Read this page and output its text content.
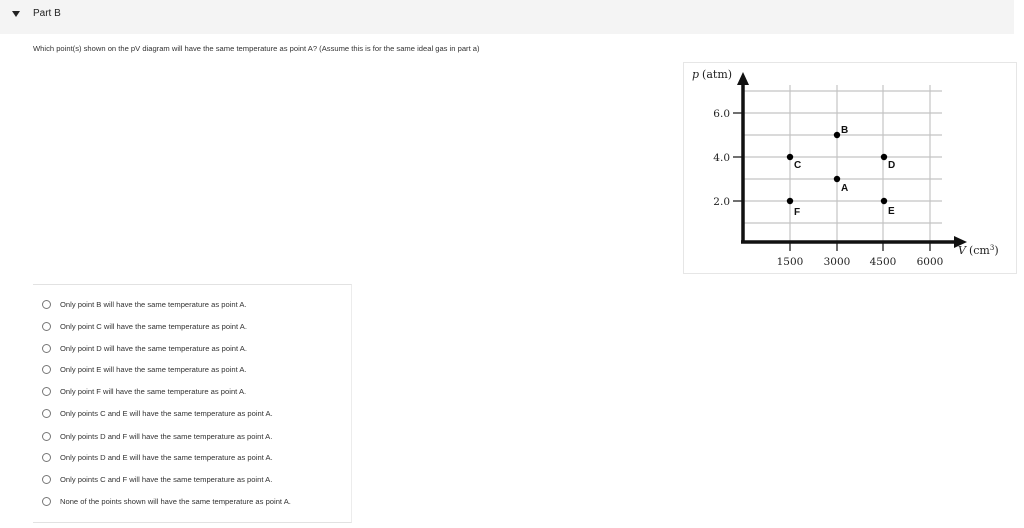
Part B
Which point(s) shown on the pV diagram will have the same temperature as point A? (Assume this is for the same ideal gas in part a)
p (atm)
V $(cm^3)$
6.0
4.0
2.0
1500 3000 4500 6000
A
B
C	D
E
F
Only point B will have the same temperature as point A.
Only point C will have the same temperature as point A.
Only point D will have the same temperature as point A.
Only point E will have the same temperature as point A.
Only point F will have the same temperature as point A.
Only points C and E will have the same temperature as point A.
Only points D and F will have the same temperature as point A.
Only points D and E will have the same temperature as point A.
Only points C and F will have the same temperature as point A.
None of the points shown will have the same temperature as point A.
